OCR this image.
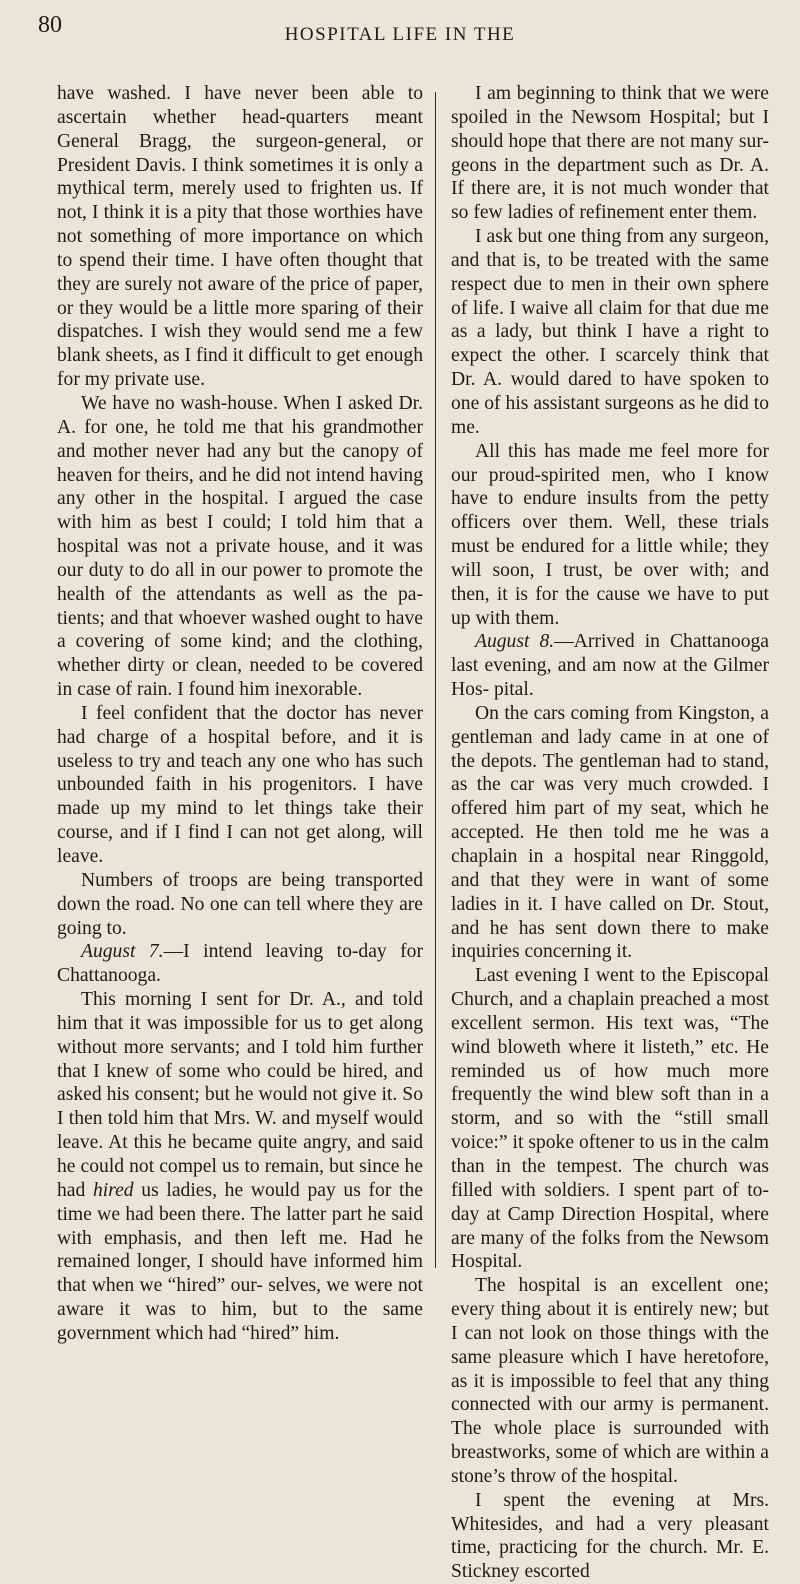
80	HOSPITAL LIFE IN THE

have washed. I have never been able to ascertain whether head-quarters meant General Bragg, the surgeon-general, or President Davis. I think sometimes it is only a mythical term, merely used to frighten us. If not, I think it is a pity that those worthies have not something of more importance on which to spend their time. I have often thought that they are surely not aware of the price of paper, or they would be a little more sparing of their dispatches. I wish they would send me a few blank sheets, as I find it difficult to get enough for my private use.

We have no wash-house. When I asked Dr. A. for one, he told me that his grandmother and mother never had any but the canopy of heaven for theirs, and he did not intend having any other in the hospital. I argued the case with him as best I could; I told him that a hospital was not a private house, and it was our duty to do all in our power to promote the health of the attendants as well as the pa- tients; and that whoever washed ought to have a covering of some kind; and the clothing, whether dirty or clean, needed to be covered in case of rain. I found him inexorable.

I feel confident that the doctor has never had charge of a hospital before, and it is useless to try and teach any one who has such unbounded faith in his progenitors. I have made up my mind to let things take their course, and if I find I can not get along, will leave.

Numbers of troops are being transported down the road. No one can tell where they are going to.

August 7.—I intend leaving to-day for Chattanooga.

This morning I sent for Dr. A., and told him that it was impossible for us to get along without more servants; and I told him further that I knew of some who could be hired, and asked his consent; but he would not give it. So I then told him that Mrs. W. and myself would leave. At this he became quite angry, and said he could not compel us to remain, but since he had hired us ladies, he would pay us for the time we had been there. The latter part he said with emphasis, and then left me. Had he remained longer, I should have informed him that when we “hired” our- selves, we were not aware it was to him, but to the same government which had “hired” him.

I am beginning to think that we were spoiled in the Newsom Hospital; but I should hope that there are not many sur- geons in the department such as Dr. A. If there are, it is not much wonder that so few ladies of refinement enter them.

I ask but one thing from any surgeon, and that is, to be treated with the same respect due to men in their own sphere of life. I waive all claim for that due me as a lady, but think I have a right to expect the other. I scarcely think that Dr. A. would dared to have spoken to one of his assistant surgeons as he did to me.

All this has made me feel more for our proud-spirited men, who I know have to endure insults from the petty officers over them. Well, these trials must be endured for a little while; they will soon, I trust, be over with; and then, it is for the cause we have to put up with them.

August 8.—Arrived in Chattanooga last evening, and am now at the Gilmer Hos- pital.

On the cars coming from Kingston, a gentleman and lady came in at one of the depots. The gentleman had to stand, as the car was very much crowded. I offered him part of my seat, which he accepted. He then told me he was a chaplain in a hospital near Ringgold, and that they were in want of some ladies in it. I have called on Dr. Stout, and he has sent down there to make inquiries concerning it.

Last evening I went to the Episcopal Church, and a chaplain preached a most excellent sermon. His text was, “The wind bloweth where it listeth,” etc. He reminded us of how much more frequently the wind blew soft than in a storm, and so with the “still small voice:” it spoke oftener to us in the calm than in the tempest. The church was filled with soldiers. I spent part of to-day at Camp Direction Hospital, where are many of the folks from the Newsom Hospital.

The hospital is an excellent one; every thing about it is entirely new; but I can not look on those things with the same pleasure which I have heretofore, as it is impossible to feel that any thing connected with our army is permanent. The whole place is surrounded with breastworks, some of which are within a stone’s throw of the hospital.

I spent the evening at Mrs. Whitesides, and had a very pleasant time, practicing for the church. Mr. E. Stickney escorted
